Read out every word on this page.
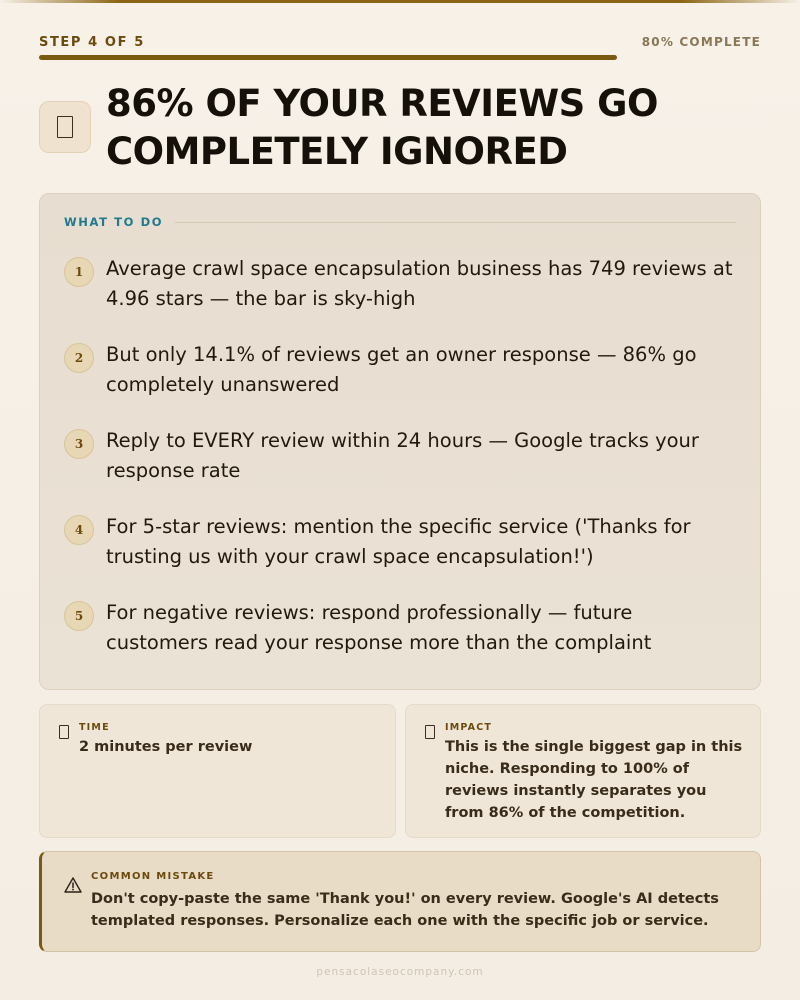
STEP 4 OF 5	80% COMPLETE
86% OF YOUR REVIEWS GO COMPLETELY IGNORED
WHAT TO DO
1	Average crawl space encapsulation business has 749 reviews at 4.96 stars — the bar is sky-high
2	But only 14.1% of reviews get an owner response — 86% go completely unanswered
3	Reply to EVERY review within 24 hours — Google tracks your response rate
4	For 5-star reviews: mention the specific service ('Thanks for trusting us with your crawl space encapsulation!')
5	For negative reviews: respond professionally — future customers read your response more than the complaint
TIME
2 minutes per review
IMPACT
This is the single biggest gap in this niche. Responding to 100% of reviews instantly separates you from 86% of the competition.
COMMON MISTAKE
Don't copy-paste the same 'Thank you!' on every review. Google's AI detects templated responses. Personalize each one with the specific job or service.
pensacolaseocompany.com
